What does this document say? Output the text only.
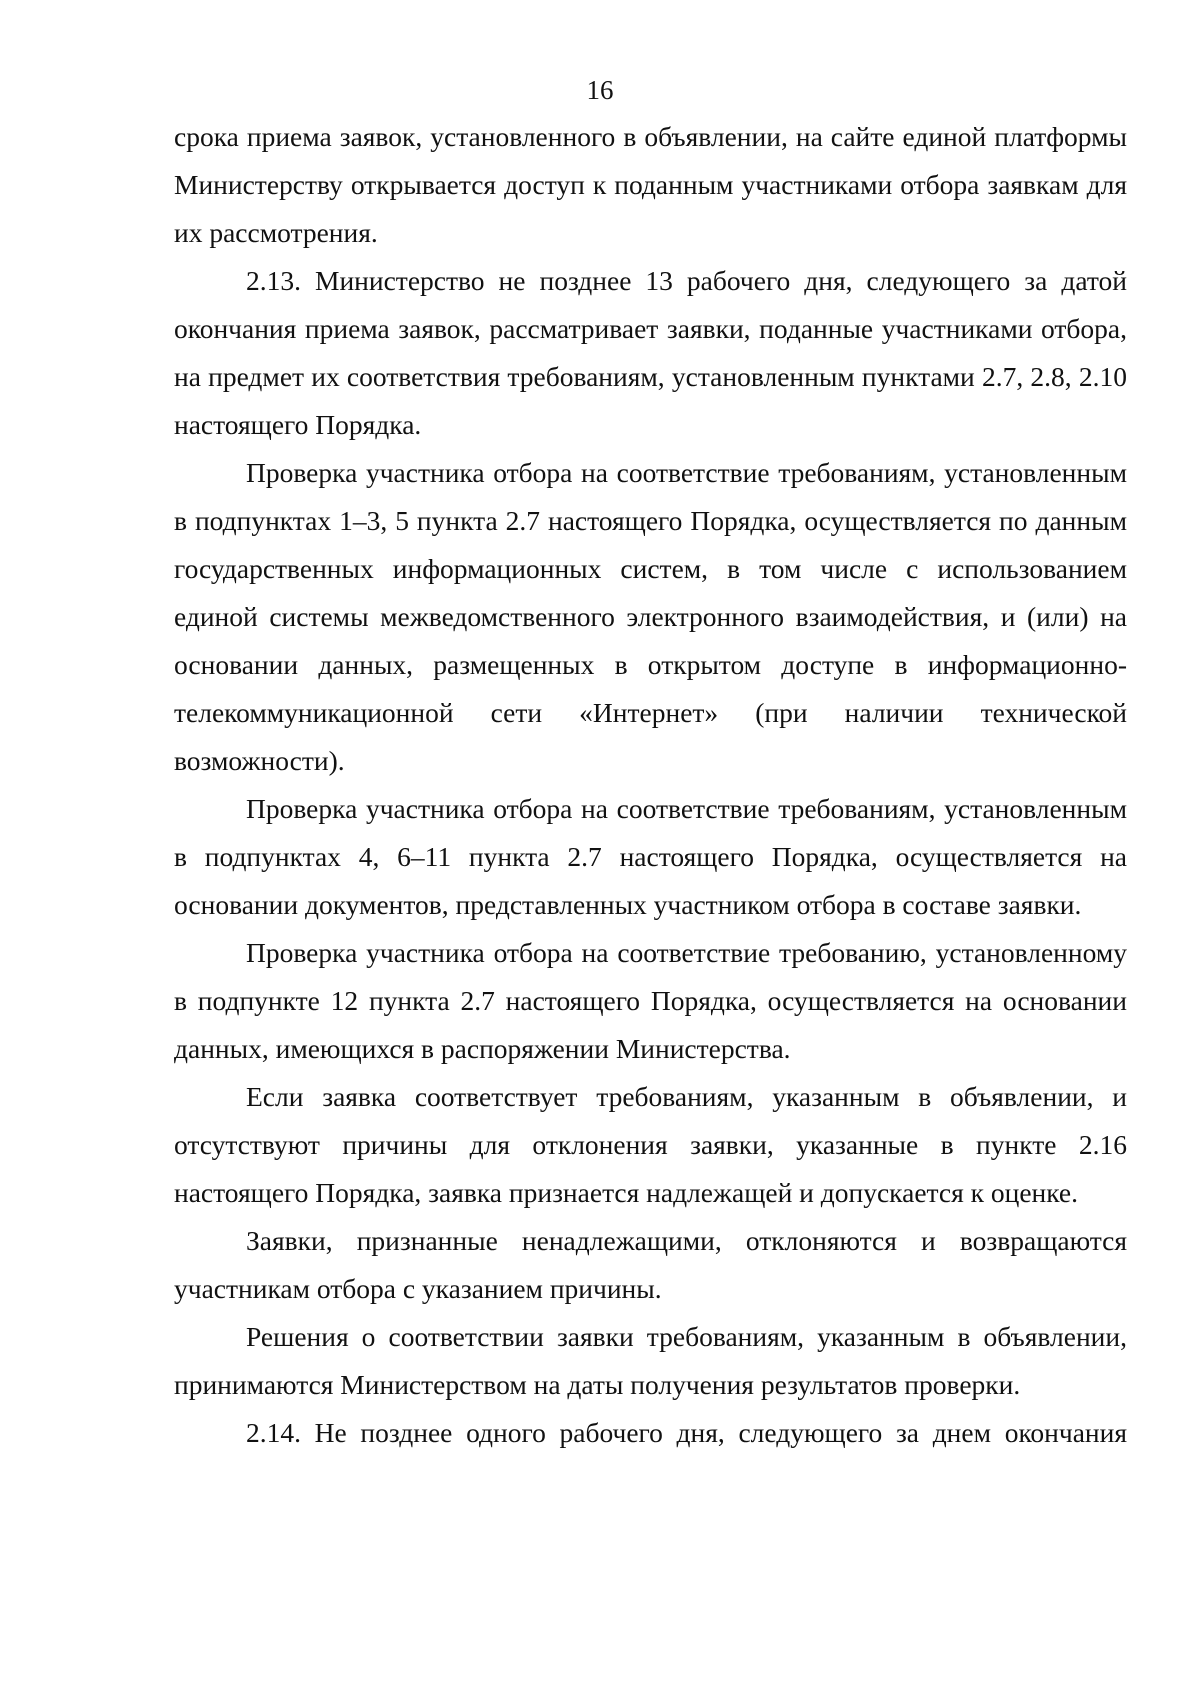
16

срока приема заявок, установленного в объявлении, на сайте единой платформы Министерству открывается доступ к поданным участниками отбора заявкам для их рассмотрения.

2.13. Министерство не позднее 13 рабочего дня, следующего за датой окончания приема заявок, рассматривает заявки, поданные участниками отбора, на предмет их соответствия требованиям, установленным пунктами 2.7, 2.8, 2.10 настоящего Порядка.

Проверка участника отбора на соответствие требованиям, установленным в подпунктах 1–3, 5 пункта 2.7 настоящего Порядка, осуществляется по данным государственных информационных систем, в том числе с использованием единой системы межведомственного электронного взаимодействия, и (или) на основании данных, размещенных в открытом доступе в информационно-телекоммуникационной сети «Интернет» (при наличии технической возможности).

Проверка участника отбора на соответствие требованиям, установленным в подпунктах 4, 6–11 пункта 2.7 настоящего Порядка, осуществляется на основании документов, представленных участником отбора в составе заявки.

Проверка участника отбора на соответствие требованию, установленному в подпункте 12 пункта 2.7 настоящего Порядка, осуществляется на основании данных, имеющихся в распоряжении Министерства.

Если заявка соответствует требованиям, указанным в объявлении, и отсутствуют причины для отклонения заявки, указанные в пункте 2.16 настоящего Порядка, заявка признается надлежащей и допускается к оценке.

Заявки, признанные ненадлежащими, отклоняются и возвращаются участникам отбора с указанием причины.

Решения о соответствии заявки требованиям, указанным в объявлении, принимаются Министерством на даты получения результатов проверки.

2.14. Не позднее одного рабочего дня, следующего за днем окончания
